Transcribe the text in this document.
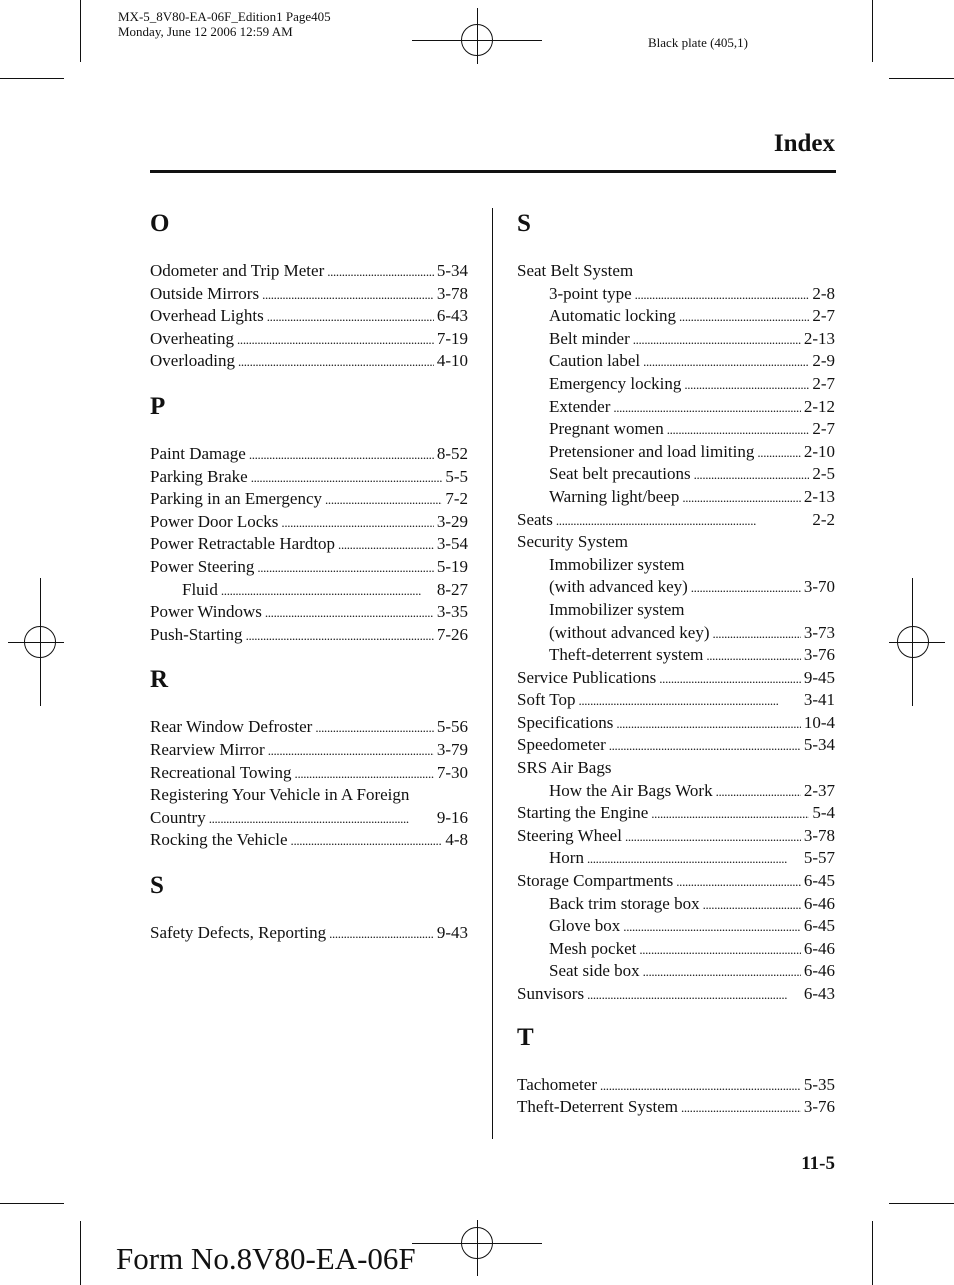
MX-5_8V80-EA-06F_Edition1 Page405
Monday, June 12 2006 12:59 AM
Black plate (405,1)
Index
O
Odometer and Trip Meter . . .	5-34
Outside Mirrors . . .	3-78
Overhead Lights . . .	6-43
Overheating . . .	7-19
Overloading . . .	4-10
P
Paint Damage . . .	8-52
Parking Brake . . .	5-5
Parking in an Emergency . . .	7-2
Power Door Locks . . .	3-29
Power Retractable Hardtop . . .	3-54
Power Steering . . .	5-19
Fluid . . .	8-27
Power Windows . . .	3-35
Push-Starting . . .	7-26
R
Rear Window Defroster . . .	5-56
Rearview Mirror . . .	3-79
Recreational Towing . . .	7-30
Registering Your Vehicle in A Foreign
Country . . .	9-16
Rocking the Vehicle . . .	4-8
S
Safety Defects, Reporting . . .	9-43
S
Seat Belt System
3-point type . . .	2-8
Automatic locking . . .	2-7
Belt minder . . .	2-13
Caution label . . .	2-9
Emergency locking . . .	2-7
Extender . . .	2-12
Pregnant women . . .	2-7
Pretensioner and load limiting . . .	2-10
Seat belt precautions . . .	2-5
Warning light/beep . . .	2-13
Seats . . .	2-2
Security System
Immobilizer system
(with advanced key) . . .	3-70
Immobilizer system
(without advanced key) . . .	3-73
Theft-deterrent system . . .	3-76
Service Publications . . .	9-45
Soft Top . . .	3-41
Specifications . . .	10-4
Speedometer . . .	5-34
SRS Air Bags
How the Air Bags Work . . .	2-37
Starting the Engine . . .	5-4
Steering Wheel . . .	3-78
Horn . . .	5-57
Storage Compartments . . .	6-45
Back trim storage box . . .	6-46
Glove box . . .	6-45
Mesh pocket . . .	6-46
Seat side box . . .	6-46
Sunvisors . . .	6-43
T
Tachometer . . .	5-35
Theft-Deterrent System . . .	3-76
11-5
Form No.8V80-EA-06F
